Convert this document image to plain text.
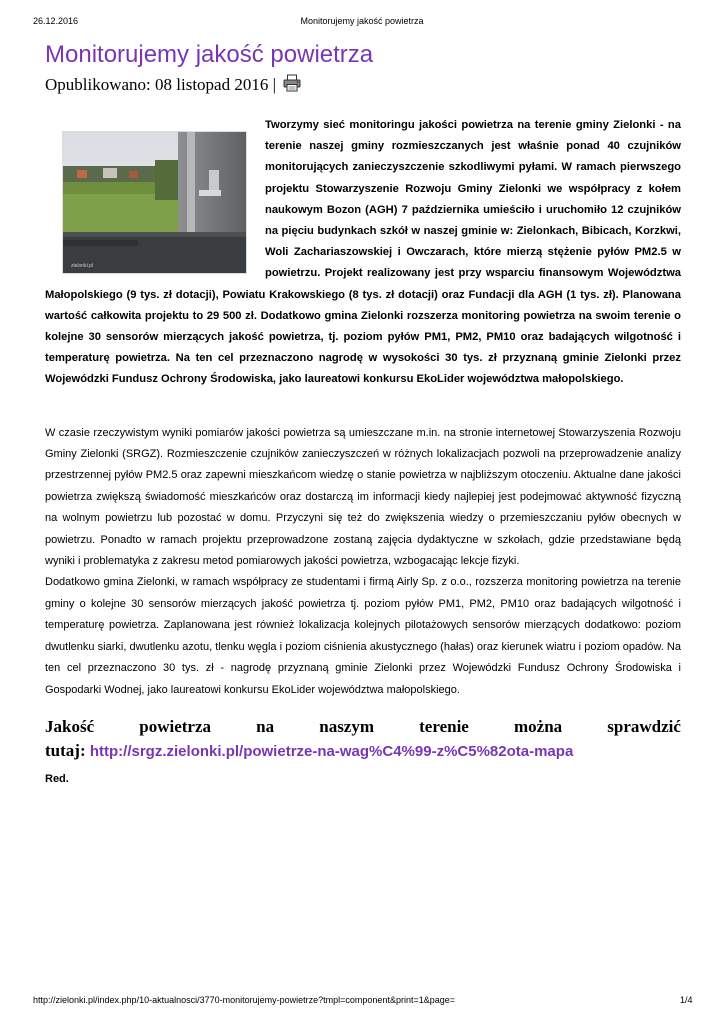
26.12.2016	Monitorujemy jakość powietrza
Monitorujemy jakość powietrza
Opublikowano: 08 listopad 2016 |
zielonki.pl

Tworzymy sieć monitoringu jakości powietrza na terenie gminy Zielonki - na terenie naszej gminy rozmieszczanych jest właśnie ponad 40 czujników monitorujących zanieczyszczenie szkodliwymi pyłami. W ramach pierwszego projektu Stowarzyszenie Rozwoju Gminy Zielonki we współpracy z kołem naukowym Bozon (AGH) 7 października umieściło i uruchomiło 12 czujników na pięciu budynkach szkół w naszej gminie w: Zielonkach, Bibicach, Korzkwi, Woli Zachariaszowskiej i Owczarach, które mierzą stężenie pyłów PM2.5 w powietrzu. Projekt realizowany jest przy wsparciu finansowym Województwa Małopolskiego (9 tys. zł dotacji), Powiatu Krakowskiego (8 tys. zł dotacji) oraz Fundacji dla AGH (1 tys. zł). Planowana wartość całkowita projektu to 29 500 zł. Dodatkowo gmina Zielonki rozszerza monitoring powietrza na swoim terenie o kolejne 30 sensorów mierzących jakość powietrza, tj. poziom pyłów PM1, PM2, PM10 oraz badających wilgotność i temperaturę powietrza. Na ten cel przeznaczono nagrodę w wysokości 30 tys. zł przyznaną gminie Zielonki przez Wojewódzki Fundusz Ochrony Środowiska, jako laureatowi konkursu EkoLider województwa małopolskiego.

W czasie rzeczywistym wyniki pomiarów jakości powietrza są umieszczane m.in. na stronie internetowej Stowarzyszenia Rozwoju Gminy Zielonki (SRGZ). Rozmieszczenie czujników zanieczyszczeń w różnych lokalizacjach pozwoli na przeprowadzenie analizy przestrzennej pyłów PM2.5 oraz zapewni mieszkańcom wiedzę o stanie powietrza w najbliższym otoczeniu. Aktualne dane jakości powietrza zwiększą świadomość mieszkańców oraz dostarczą im informacji kiedy najlepiej jest podejmować aktywność fizyczną na wolnym powietrzu lub pozostać w domu. Przyczyni się też do zwiększenia wiedzy o przemieszczaniu pyłów obecnych w powietrzu. Ponadto w ramach projektu przeprowadzone zostaną zajęcia dydaktyczne w szkołach, gdzie przedstawiane będą wyniki i problematyka z zakresu metod pomiarowych jakości powietrza, wzbogacając lekcje fizyki.

Dodatkowo gmina Zielonki, w ramach współpracy ze studentami i firmą Airly Sp. z o.o., rozszerza monitoring powietrza na terenie gminy o kolejne 30 sensorów mierzących jakość powietrza tj. poziom pyłów PM1, PM2, PM10 oraz badających wilgotność i temperaturę powietrza. Zaplanowana jest również lokalizacja kolejnych pilotażowych sensorów mierzących dodatkowo: poziom dwutlenku siarki, dwutlenku azotu, tlenku węgla i poziom ciśnienia akustycznego (hałas) oraz kierunek wiatru i poziom opadów. Na ten cel przeznaczono 30 tys. zł - nagrodę przyznaną gminie Zielonki przez Wojewódzki Fundusz Ochrony Środowiska i Gospodarki Wodnej, jako laureatowi konkursu EkoLider województwa małopolskiego.

Jakość	powietrza	na	naszym	terenie	można	sprawdzić
tutaj: http://srgz.zielonki.pl/powietrze-na-wag%C4%99-z%C5%82ota-mapa

Red.

http://zielonki.pl/index.php/10-aktualnosci/3770-monitorujemy-powietrze?tmpl=component&print=1&page=	1/4
